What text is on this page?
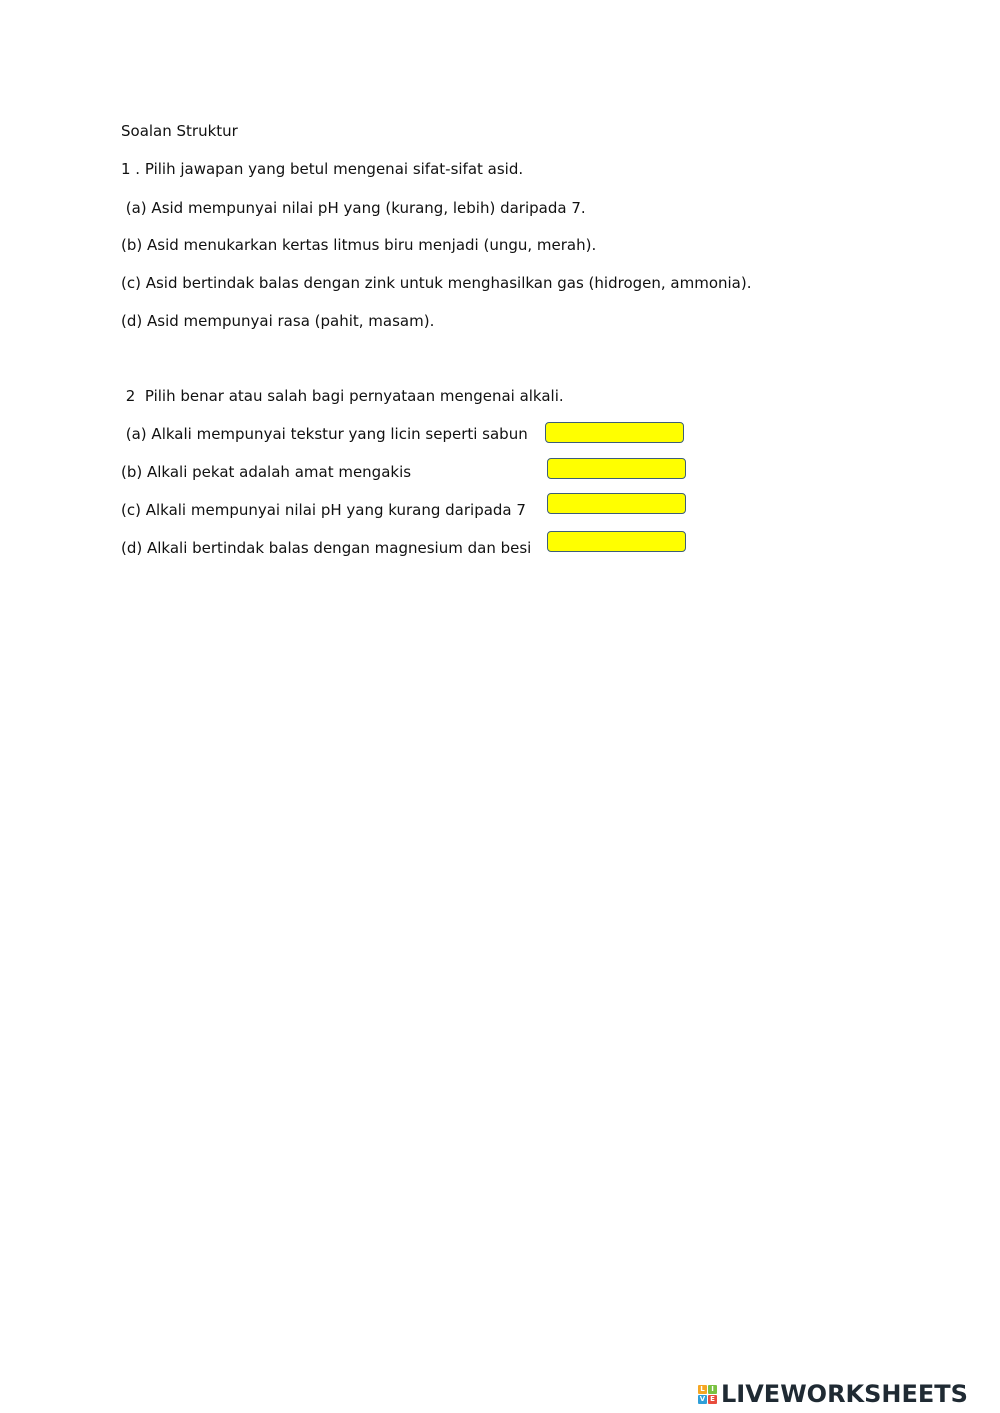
Soalan Struktur
1 . Pilih jawapan yang betul mengenai sifat-sifat asid.
(a) Asid mempunyai nilai pH yang (kurang, lebih) daripada 7.
(b) Asid menukarkan kertas litmus biru menjadi (ungu, merah).
(c) Asid bertindak balas dengan zink untuk menghasilkan gas (hidrogen, ammonia).
(d) Asid mempunyai rasa (pahit, masam).
2  Pilih benar atau salah bagi pernyataan mengenai alkali.
(a) Alkali mempunyai tekstur yang licin seperti sabun
(b) Alkali pekat adalah amat mengakis
(c) Alkali mempunyai nilai pH yang kurang daripada 7
(d) Alkali bertindak balas dengan magnesium dan besi
L I
V E LIVEWORKSHEETS
